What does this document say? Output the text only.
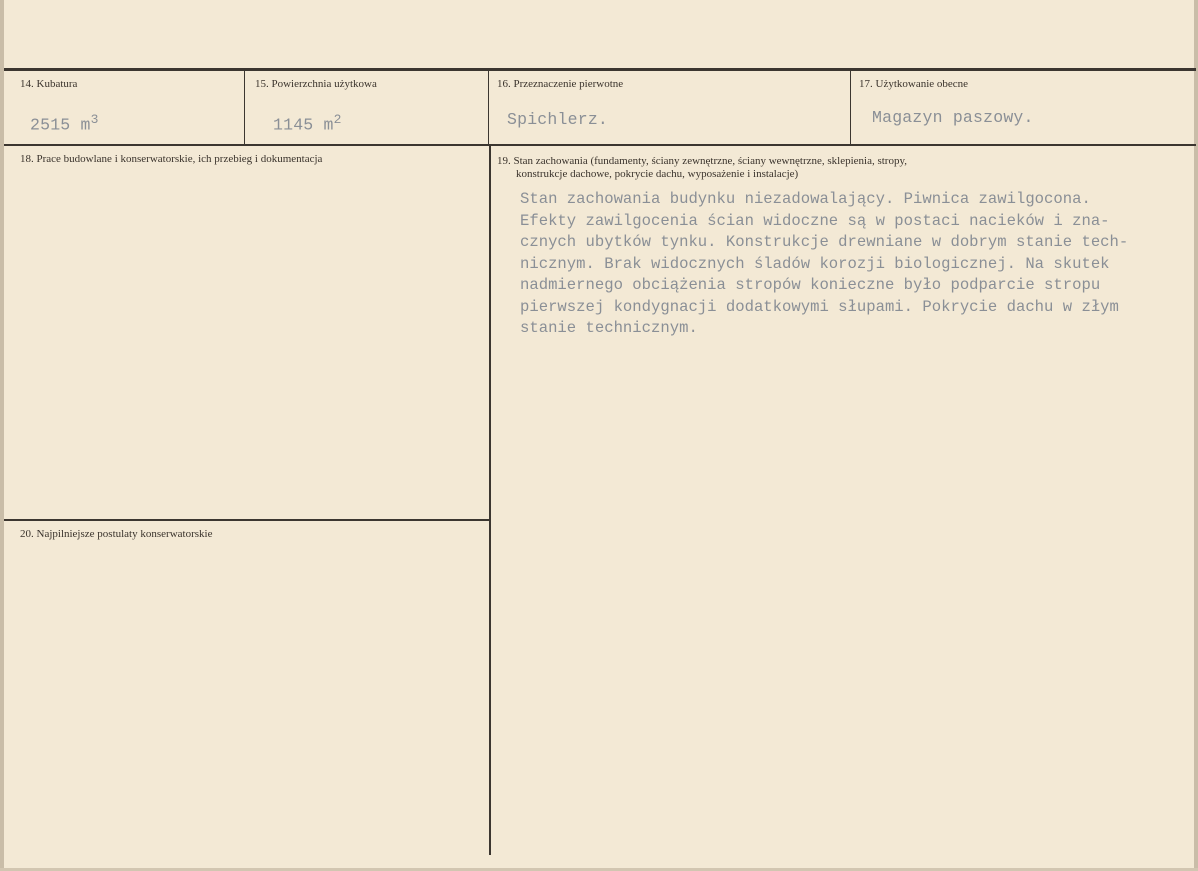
14. Kubatura	15. Powierzchnia użytkowa	16. Przeznaczenie pierwotne	17. Użytkowanie obecne
2515 $m^3$	1145 $m^2$	Spichlerz.	Magazyn paszowy.
18. Prace budowlane i konserwatorskie, ich przebieg i dokumentacja	19. Stan zachowania (fundamenty, ściany zewnętrzne, ściany wewnętrzne, sklepienia, stropy,
konstrukcje dachowe, pokrycie dachu, wyposażenie i instalacje)
Stan zachowania budynku niezadowalający. Piwnica zawilgocona.
Efekty zawilgocenia ścian widoczne są w postaci nacieków i zna-
cznych ubytków tynku. Konstrukcje drewniane w dobrym stanie tech-
nicznym. Brak widocznych śladów korozji biologicznej. Na skutek
nadmiernego obciążenia stropów konieczne było podparcie stropu
pierwszej kondygnacji dodatkowymi słupami. Pokrycie dachu w złym
stanie technicznym.
20. Najpilniejsze postulaty konserwatorskie
